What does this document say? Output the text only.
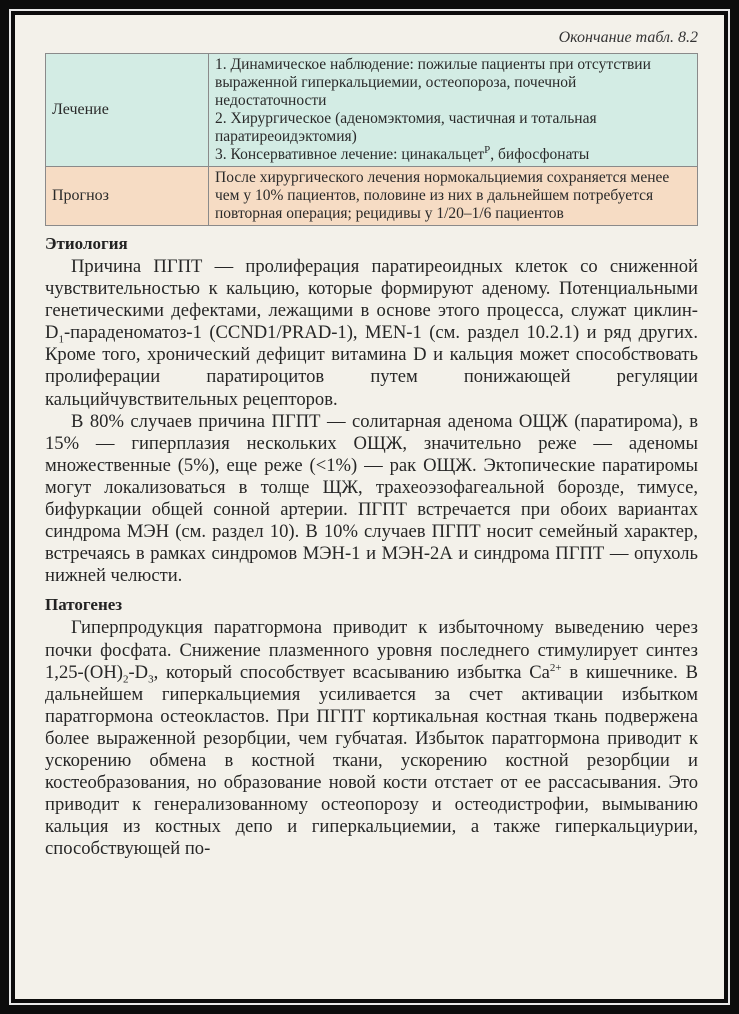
Окончание табл. 8.2
Лечение	1. Динамическое наблюдение: пожилые пациенты при отсутствии выраженной гиперкальциемии, остеопороза, почечной недостаточности
2. Хирургическое (аденомэктомия, частичная и тотальная паратиреоидэктомия)
3. Консервативное лечение: цинакальцет$^Р$, бифосфонаты

Прогноз	После хирургического лечения нормокальциемия сохраняется менее чем у 10% пациентов, половине из них в дальнейшем потребуется повторная операция; рецидивы у 1/20–1/6 пациентов
Этиология

Причина ПГПТ — пролиферация паратиреоидных клеток со сниженной чувствительностью к кальцию, которые формируют аденому. Потенциальными генетическими дефектами, лежащими в основе этого процесса, служат циклин-$D_1-параденоматоз-1$ (CCND1/PRAD-1), MEN-1 (см. раздел 10.2.1) и ряд других. Кроме того, хронический дефицит витамина D и кальция может способствовать пролиферации паратироцитов путем понижающей регуляции кальцийчувствительных рецепторов.

В 80% случаев причина ПГПТ — солитарная аденома ОЩЖ (паратирома), в 15% — гиперплазия нескольких ОЩЖ, значительно реже — аденомы множественные (5%), еще реже (<1%) — рак ОЩЖ. Эктопические паратиромы могут локализоваться в толще ЩЖ, трахеоэзофагеальной борозде, тимусе, бифуркации общей сонной артерии. ПГПТ встречается при обоих вариантах синдрома МЭН (см. раздел 10). В 10% случаев ПГПТ носит семейный характер, встречаясь в рамках синдромов МЭН-1 и МЭН-2А и синдрома ПГПТ — опухоль нижней челюсти.

Патогенез

Гиперпродукция паратгормона приводит к избыточному выведению через почки фосфата. Снижение плазменного уровня последнего стимулирует синтез $1,25-(OH)_2-D_3$, который способствует всасыванию избытка $Ca^{2+}$ в кишечнике. В дальнейшем гиперкальциемия усиливается за счет активации избытком паратгормона остеокластов. При ПГПТ кортикальная костная ткань подвержена более выраженной резорбции, чем губчатая. Избыток паратгормона приводит к ускорению обмена в костной ткани, ускорению костной резорбции и костеобразования, но образование новой кости отстает от ее рассасывания. Это приводит к генерализованному остеопорозу и остеодистрофии, вымыванию кальция из костных депо и гиперкальциемии, а также гиперкальциурии, способствующей по-
